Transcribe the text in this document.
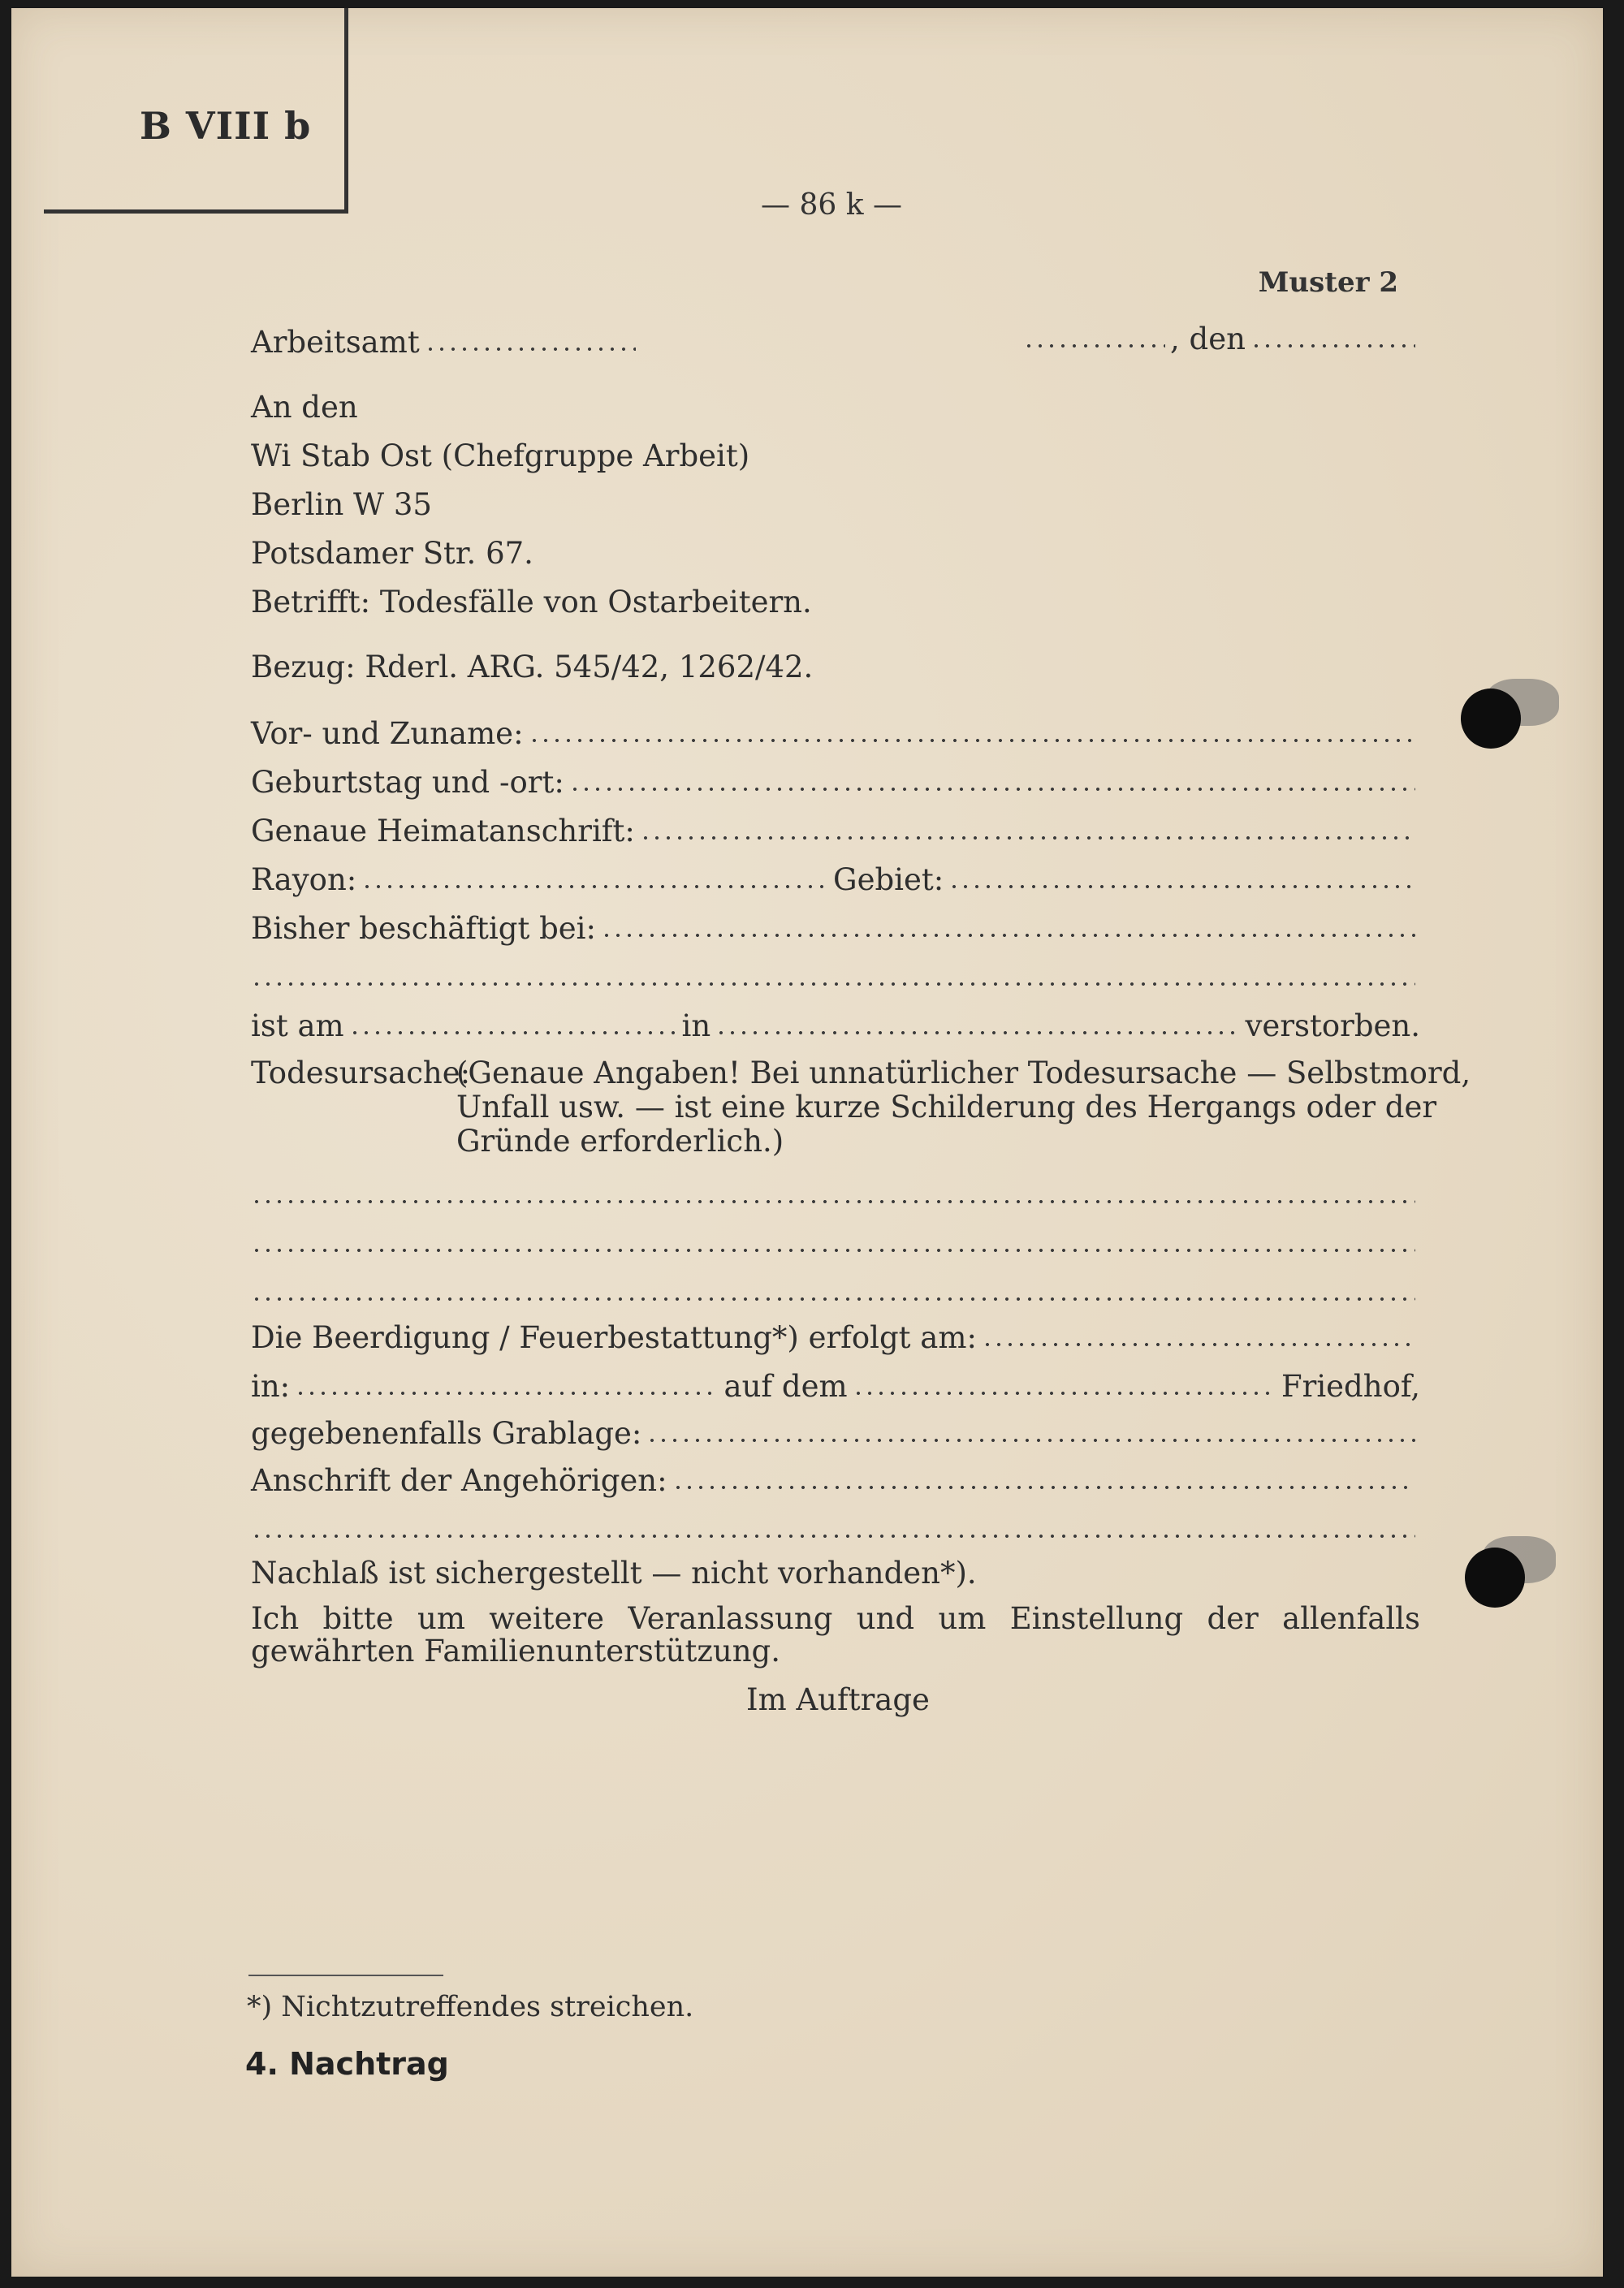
B VIII b
— 86 k —
Muster 2
Arbeitsamt	, den
An den
Wi Stab Ost (Chefgruppe Arbeit)
Berlin W 35
Potsdamer Str. 67.
Betrifft: Todesfälle von Ostarbeitern.
Bezug: Rderl. ARG. 545/42, 1262/42.
Vor- und Zuname:
Geburtstag und -ort:
Genaue Heimatanschrift:
Rayon:	Gebiet:
Bisher beschäftigt bei:
ist am	in	verstorben.
Todesursache:
(Genaue Angaben! Bei unnatürlicher Todesursache — Selbstmord,
Unfall usw. — ist eine kurze Schilderung des Hergangs oder der
Gründe erforderlich.)
Die Beerdigung / Feuerbestattung*) erfolgt am:
in:	auf dem	Friedhof,
gegebenenfalls Grablage:
Anschrift der Angehörigen:
Nachlaß ist sichergestellt — nicht vorhanden*).
Ich bitte um weitere Veranlassung und um Einstellung der allenfalls gewährten Familienunterstützung.
Im Auftrage
*) Nichtzutreffendes streichen.
4. Nachtrag
